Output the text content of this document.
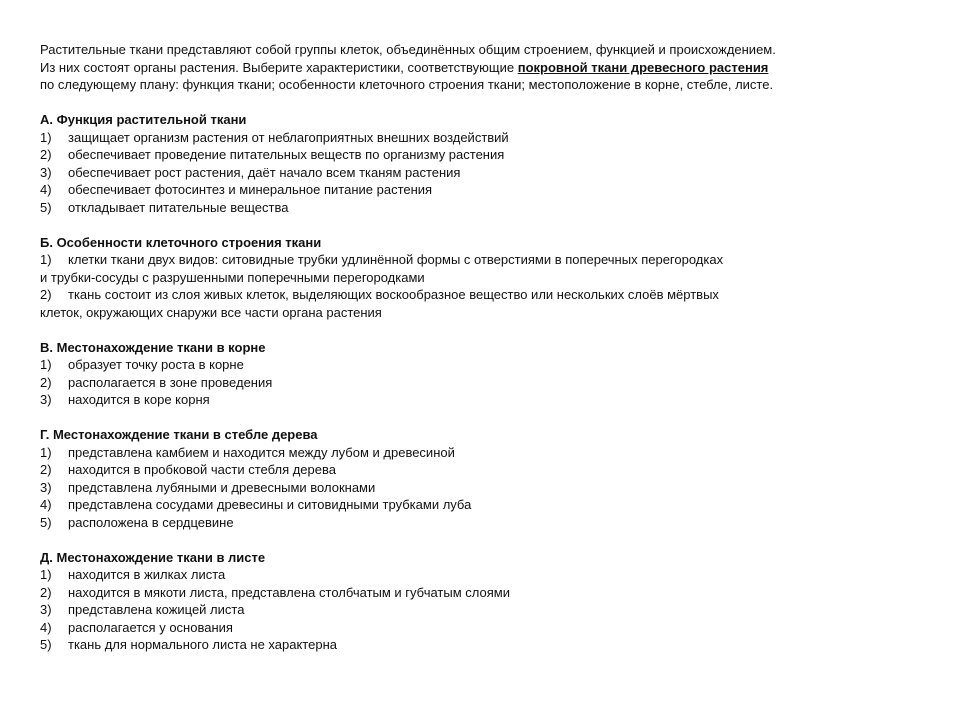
Растительные ткани представляют собой группы клеток, объединённых общим строением, функцией и происхождением.

Из них состоят органы растения. Выберите характеристики, соответствующие покровной ткани древесного растения

по следующему плану: функция ткани; особенности клеточного строения ткани; местоположение в корне, стебле, листе.

А. Функция растительной ткани
1)	защищает организм растения от неблагоприятных внешних воздействий
2)	обеспечивает проведение питательных веществ по организму растения
3)	обеспечивает рост растения, даёт начало всем тканям растения
4)	обеспечивает фотосинтез и минеральное питание растения
5)	откладывает питательные вещества
Б. Особенности клеточного строения ткани
1)	клетки ткани двух видов: ситовидные трубки удлинённой формы с отверстиями в поперечных перегородках
и трубки-сосуды с разрушенными поперечными перегородками
2)	ткань состоит из слоя живых клеток, выделяющих воскообразное вещество или нескольких слоёв мёртвых
клеток, окружающих снаружи все части органа растения
В. Местонахождение ткани в корне
1)	образует точку роста в корне
2)	располагается в зоне проведения
3)	находится в коре корня
Г. Местонахождение ткани в стебле дерева
1)	представлена камбием и находится между лубом и древесиной
2)	находится в пробковой части стебля дерева
3)	представлена лубяными и древесными волокнами
4)	представлена сосудами древесины и ситовидными трубками луба
5)	расположена в сердцевине
Д. Местонахождение ткани в листе
1)	находится в жилках листа
2)	находится в мякоти листа, представлена столбчатым и губчатым слоями
3)	представлена кожицей листа
4)	располагается у основания
5)	ткань для нормального листа не характерна
